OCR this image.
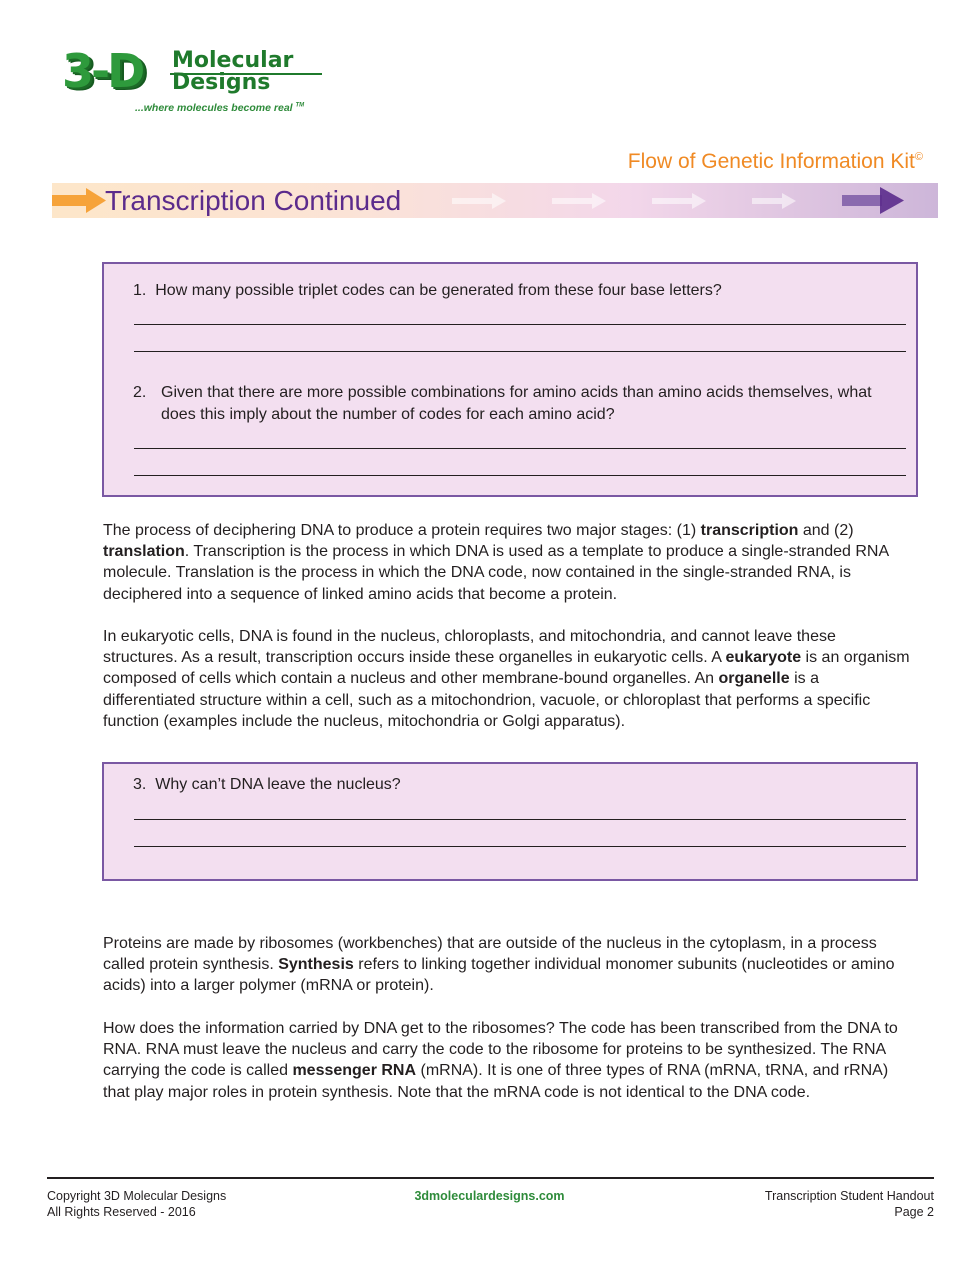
3-D Molecular
Designs
...where molecules become real ™
Flow of Genetic Information Kit©
Transcription Continued
1. How many possible triplet codes can be generated from these four base letters?
2. Given that there are more possible combinations for amino acids than amino acids themselves, what does this imply about the number of codes for each amino acid?
The process of deciphering DNA to produce a protein requires two major stages: (1) transcription and (2) translation. Transcription is the process in which DNA is used as a template to produce a single-stranded RNA molecule. Translation is the process in which the DNA code, now contained in the single-stranded RNA, is deciphered into a sequence of linked amino acids that become a protein.
In eukaryotic cells, DNA is found in the nucleus, chloroplasts, and mitochondria, and cannot leave these structures. As a result, transcription occurs inside these organelles in eukaryotic cells. A eukaryote is an organism composed of cells which contain a nucleus and other membrane-bound organelles. An organelle is a differentiated structure within a cell, such as a mitochondrion, vacuole, or chloroplast that performs a specific function (examples include the nucleus, mitochondria or Golgi apparatus).
3. Why can’t DNA leave the nucleus?
Proteins are made by ribosomes (workbenches) that are outside of the nucleus in the cytoplasm, in a process called protein synthesis. Synthesis refers to linking together individual monomer subunits (nucleotides or amino acids) into a larger polymer (mRNA or protein).
How does the information carried by DNA get to the ribosomes? The code has been transcribed from the DNA to RNA. RNA must leave the nucleus and carry the code to the ribosome for proteins to be synthesized. The RNA carrying the code is called messenger RNA (mRNA). It is one of three types of RNA (mRNA, tRNA, and rRNA) that play major roles in protein synthesis. Note that the mRNA code is not identical to the DNA code.
Copyright 3D Molecular Designs
All Rights Reserved - 2016
3dmoleculardesigns.com	Transcription Student Handout
Page 2
